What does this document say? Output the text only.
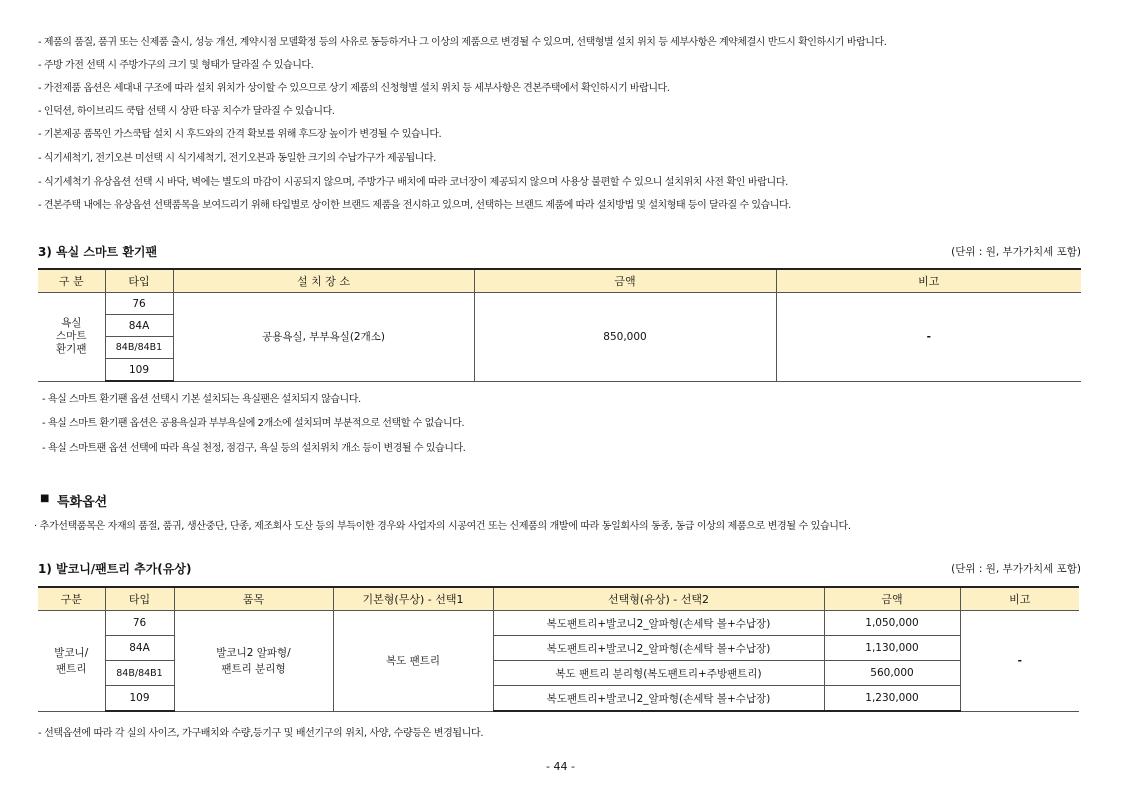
- 제품의 품질, 품귀 또는 신제품 출시, 성능 개선, 계약시점 모델확정 등의 사유로 동등하거나 그 이상의 제품으로 변경될 수 있으며, 선택형별 설치 위치 등 세부사항은 계약체결시 반드시 확인하시기 바랍니다.
- 주방 가전 선택 시 주방가구의 크기 및 형태가 달라질 수 있습니다.
- 가전제품 옵션은 세대내 구조에 따라 설치 위치가 상이할 수 있으므로 상기 제품의 신청형별 설치 위치 등 세부사항은 견본주택에서 확인하시기 바랍니다.
- 인덕션, 하이브리드 쿡탑 선택 시 상판 타공 치수가 달라질 수 있습니다.
- 기본제공 품목인 가스쿡탑 설치 시 후드와의 간격 확보를 위해 후드장 높이가 변경될 수 있습니다.
- 식기세척기, 전기오븐 미선택 시 식기세척기, 전기오븐과 동일한 크기의 수납가구가 제공됩니다.
- 식기세척기 유상옵션 선택 시 바닥, 벽에는 별도의 마감이 시공되지 않으며, 주방가구 배치에 따라 코너장이 제공되지 않으며 사용상 불편할 수 있으니 설치위치 사전 확인 바랍니다.
- 견본주택 내에는 유상옵션 선택품목을 보여드리기 위해 타입별로 상이한 브랜드 제품을 전시하고 있으며, 선택하는 브랜드 제품에 따라 설치방법 및 설치형태 등이 달라질 수 있습니다.
3) 욕실 스마트 환기팬	(단위 : 원, 부가가치세 포함)
구 분	타입	설 치 장 소	금액	비고
욕실
스마트
환기팬	76	공용욕실, 부부욕실(2개소)	850,000	-
	84A			
	84B/84B1			
	109			
- 욕실 스마트 환기팬 옵션 선택시 기본 설치되는 욕실팬은 설치되지 않습니다.
- 욕실 스마트 환기팬 옵션은 공용욕실과 부부욕실에 2개소에 설치되며 부분적으로 선택할 수 없습니다.
- 욕실 스마트팬 옵션 선택에 따라 욕실 천정, 점검구, 욕실 등의 설치위치 개소 등이 변경될 수 있습니다.
■ 특화옵션
· 추가선택품목은 자재의 품절, 품귀, 생산중단, 단종, 제조회사 도산 등의 부득이한 경우와 사업자의 시공여건 또는 신제품의 개발에 따라 동일회사의 동종, 동급 이상의 제품으로 변경될 수 있습니다.
1) 발코니/팬트리 추가(유상)	(단위 : 원, 부가가치세 포함)
구분	타입	품목	기본형(무상) - 선택1	선택형(유상) - 선택2	금액	비고
발코니/
팬트리	76	발코니2 알파형/
팬트리 분리형	복도 팬트리	복도팬트리+발코니2_알파형(손세탁 볼+수납장)	1,050,000	-
	84A			복도팬트리+발코니2_알파형(손세탁 볼+수납장)	1,130,000	
	84B/84B1			복도 팬트리 분리형(복도팬트리+주방팬트리)	560,000	
	109			복도팬트리+발코니2_알파형(손세탁 볼+수납장)	1,230,000	
- 선택옵션에 따라 각 실의 사이즈, 가구배치와 수량,등기구 및 배선기구의 위치, 사양, 수량등은 변경됩니다.
- 44 -
